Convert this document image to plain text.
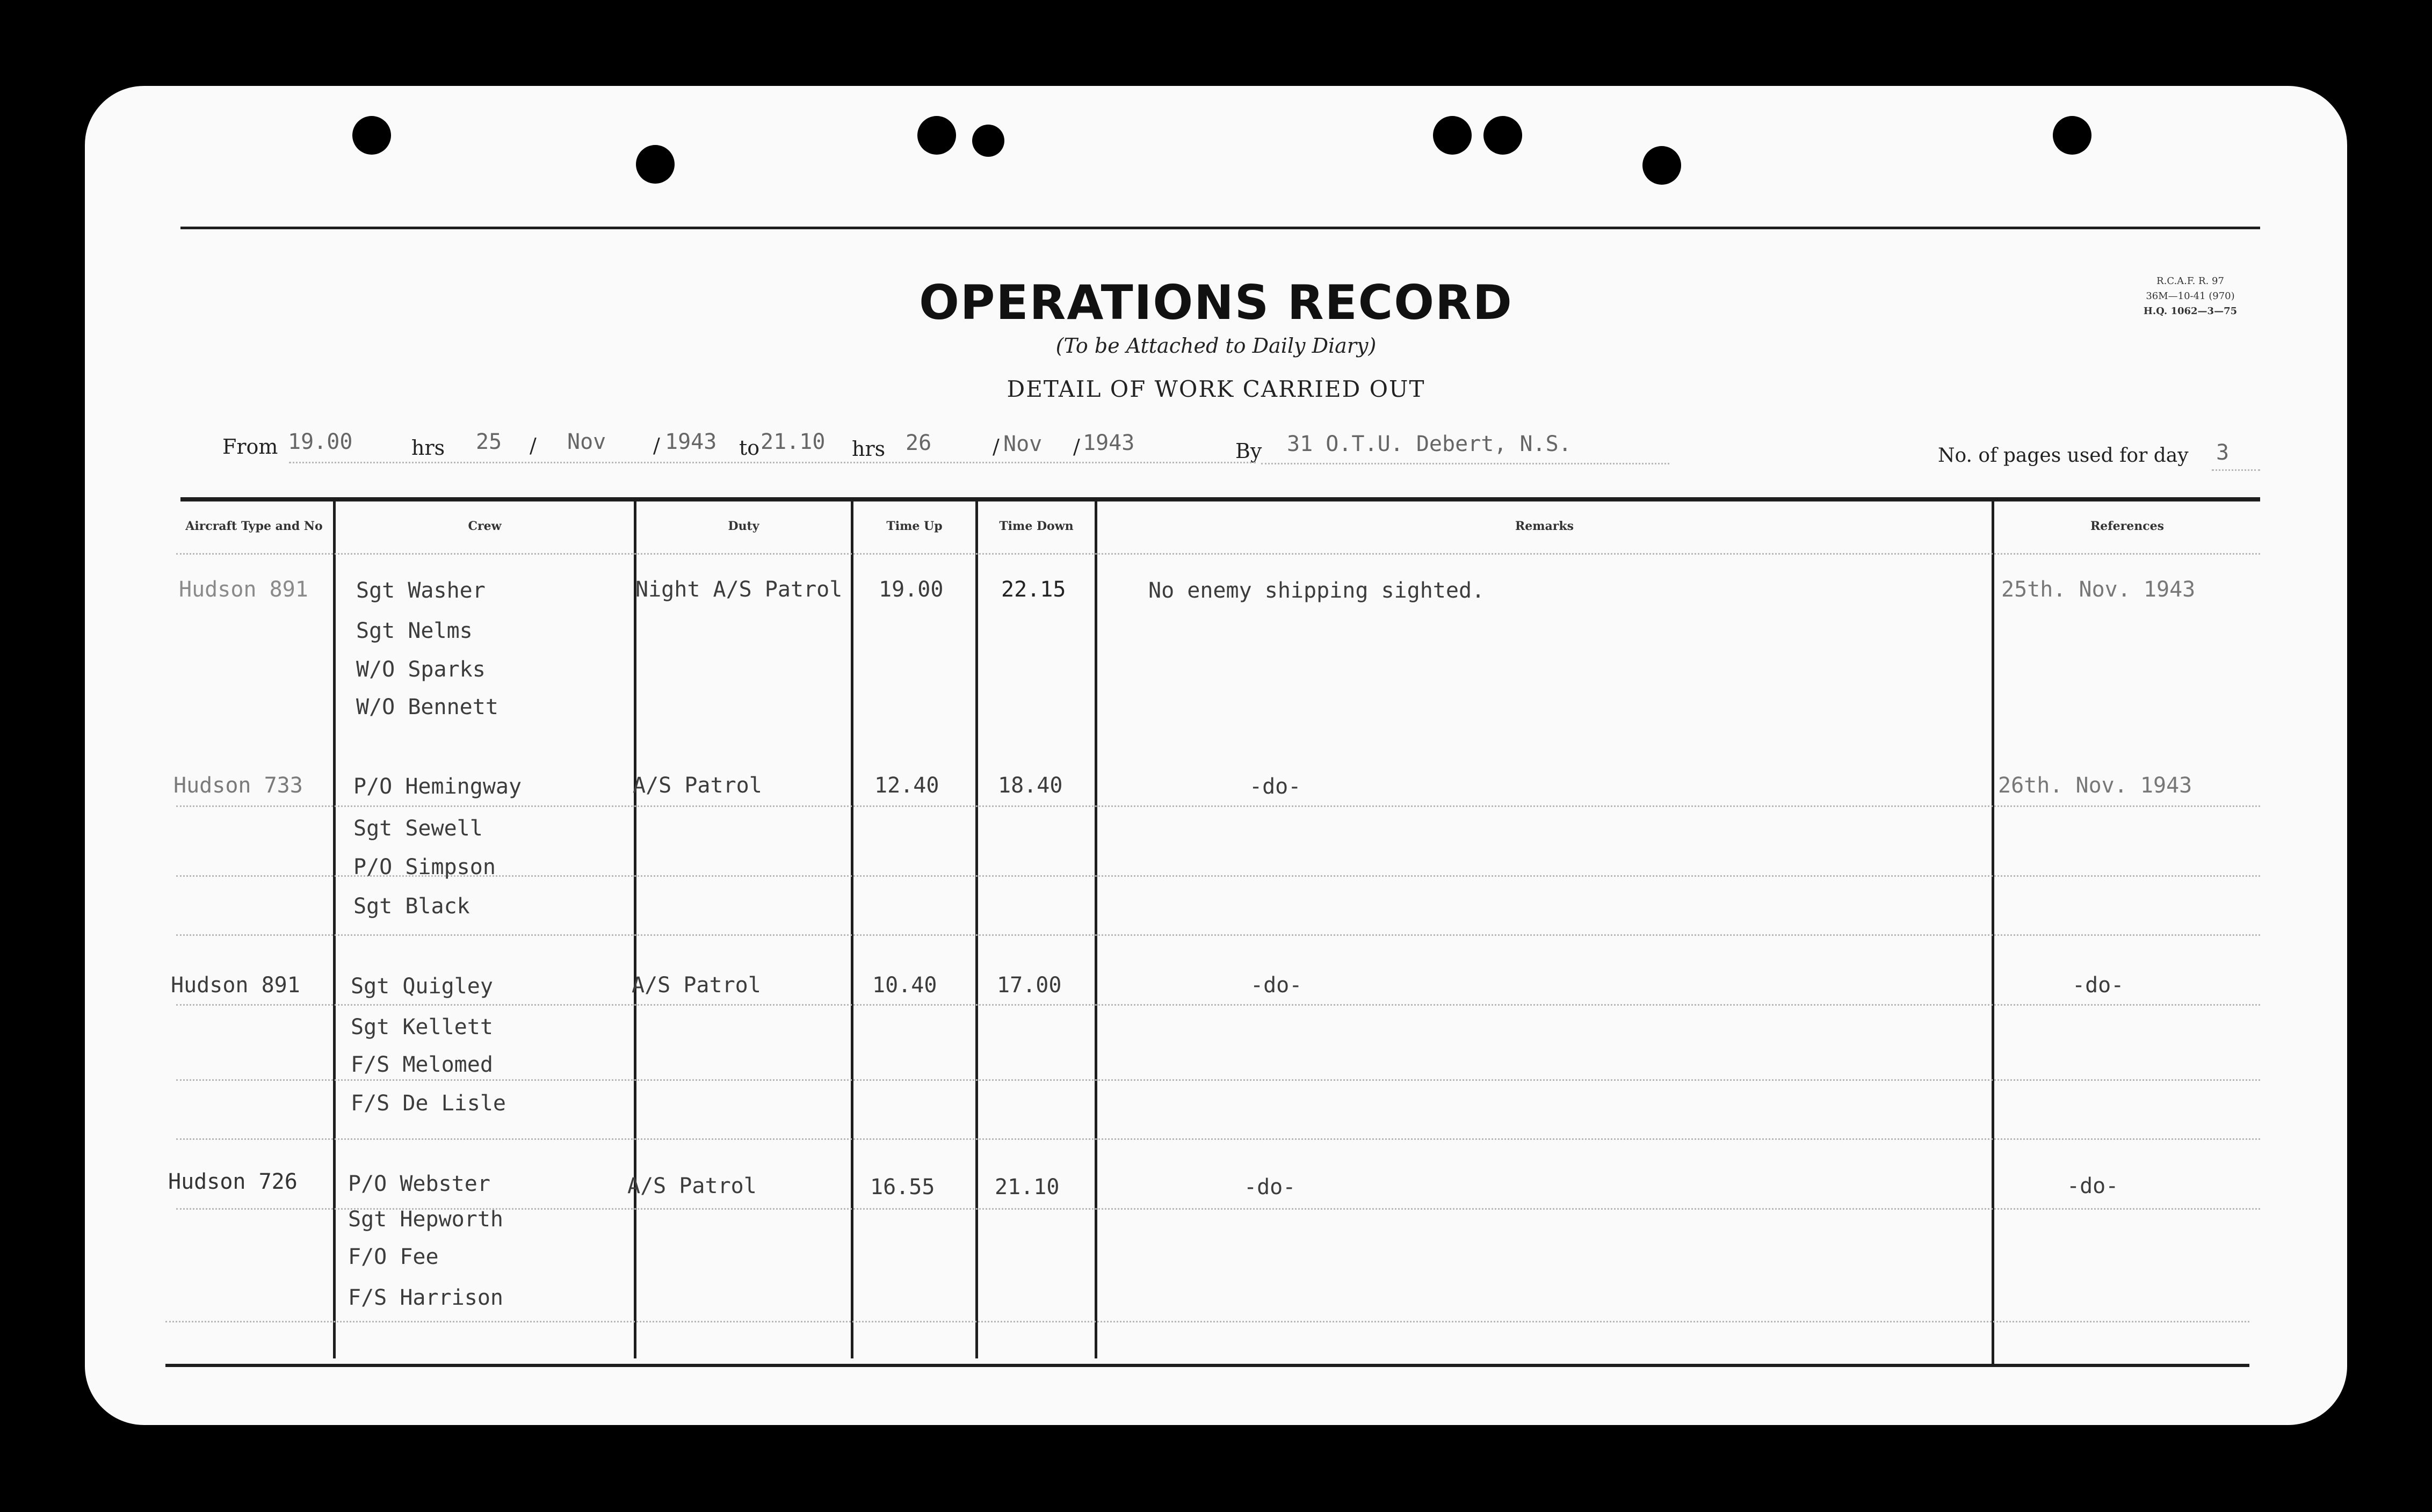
OPERATIONS RECORD
(To be Attached to Daily Diary)
DETAIL OF WORK CARRIED OUT
R.C.A.F. R. 97
36M—10-41 (970)
H.Q. 1062—3—75
From 19.00	hrs 25 / Nov / 1943 to 21.10 hrs 26	/ Nov / 1943	By 31 O.T.U. Debert, N.S.	No. of pages used for day 3
Aircraft Type and No	Crew	Duty	Time Up	Time Down	Remarks	References
Hudson 891 Sgt Washer
Sgt Nelms
W/O Sparks
W/O Bennett
Night A/S Patrol 19.00	22.15	No enemy shipping sighted.	25th. Nov. 1943
Hudson 733 P/O Hemingway
Sgt Sewell
P/O Simpson
Sgt Black
A/S Patrol	12.40	18.40	-do-	26th. Nov. 1943
Hudson 891 Sgt Quigley
Sgt Kellett
F/S Melomed
F/S De Lisle
A/S Patrol	10.40	17.00	-do-	-do-
Hudson 726 P/O Webster
Sgt Hepworth
F/O Fee
F/S Harrison
A/S Patrol	16.55	21.10	-do-	-do-
